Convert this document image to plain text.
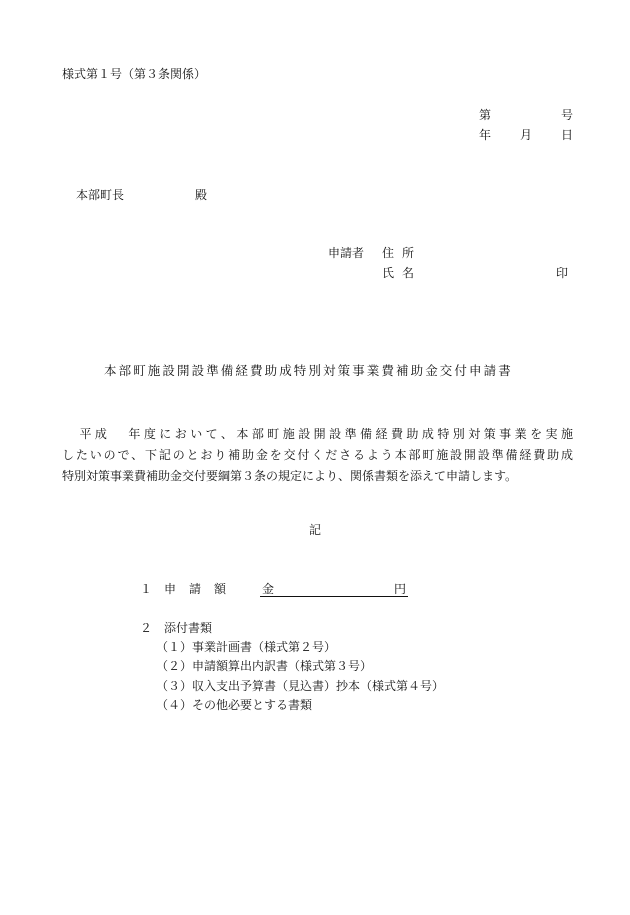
様式第１号（第３条関係）
第	号
年 月 日
本部町長	殿
申請者 住所
氏名	印
本部町施設開設準備経費助成特別対策事業費補助金交付申請書

平成 年度において、本部町施設開設準備経費助成特別対策事業を実施

したいので、下記のとおり補助金を交付くださるよう本部町施設開設準備経費助成

特別対策事業費補助金交付要綱第３条の規定により、関係書類を添えて申請します。

記
１ 申請額 金	円
２ 添付書類
（１）事業計画書（様式第２号）
（２）申請額算出内訳書（様式第３号）
（３）収入支出予算書（見込書）抄本（様式第４号）
（４）その他必要とする書類
